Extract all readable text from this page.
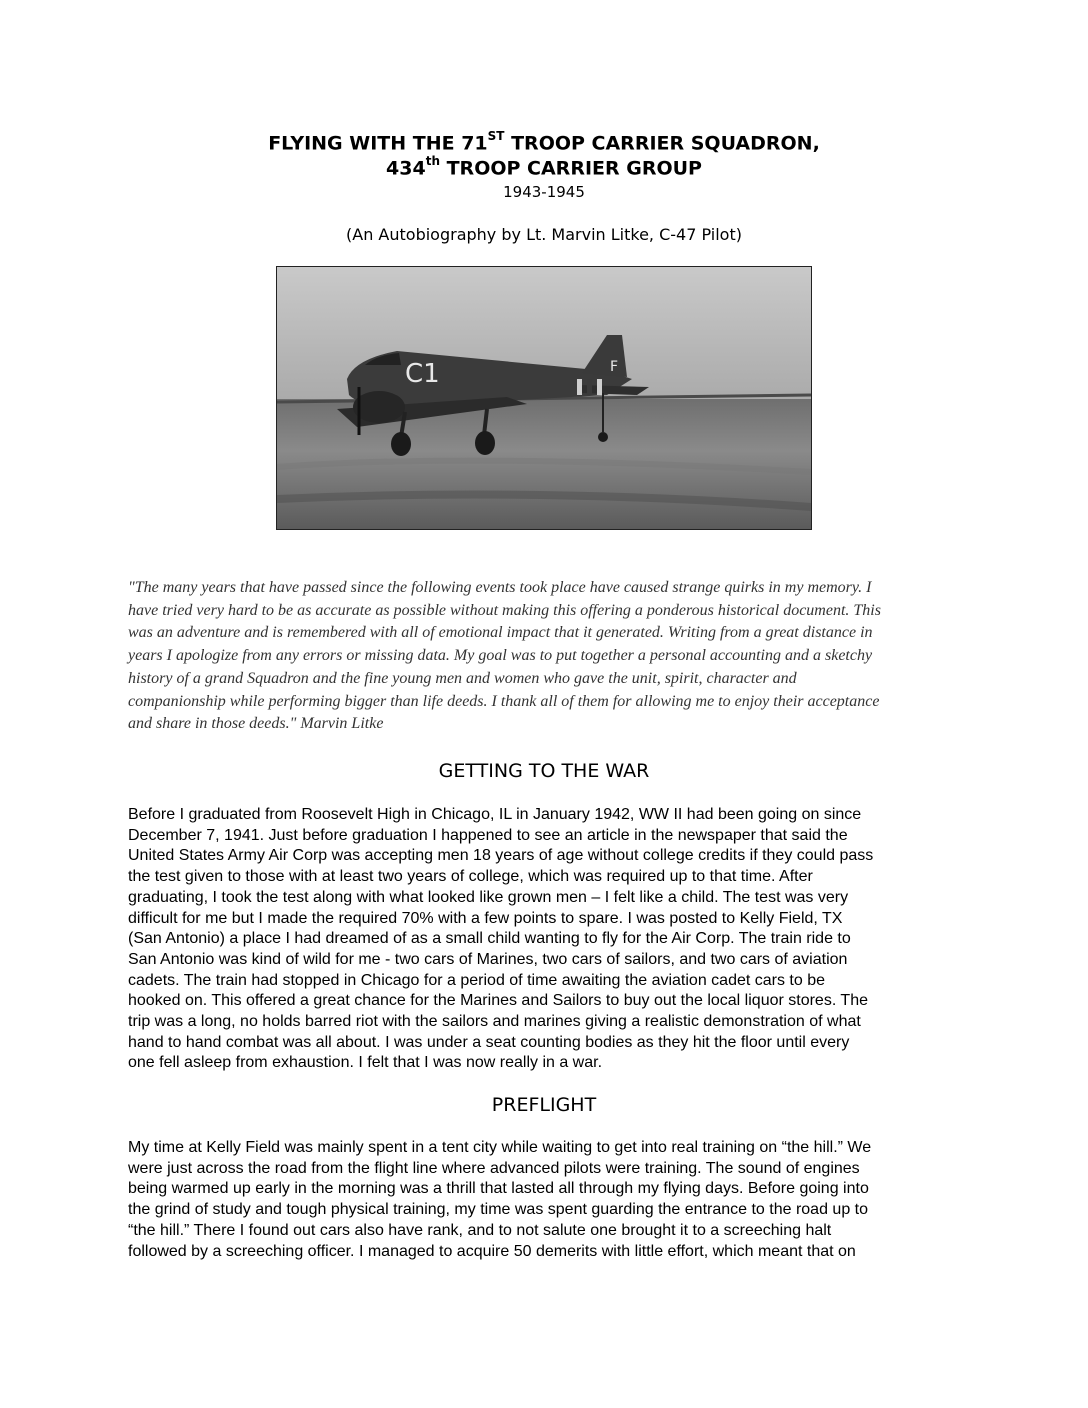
FLYING WITH THE 71ST TROOP CARRIER SQUADRON,
434th TROOP CARRIER GROUP
1943-1945
(An Autobiography by Lt. Marvin Litke, C-47 Pilot)
C1	F
"The many years that have passed since the following events took place have caused strange quirks in my memory. I
have tried very hard to be as accurate as possible without making this offering a ponderous historical document. This
was an adventure and is remembered with all of emotional impact that it generated. Writing from a great distance in
years I apologize from any errors or missing data. My goal was to put together a personal accounting and a sketchy
history of a grand Squadron and the fine young men and women who gave the unit, spirit, character and
companionship while performing bigger than life deeds. I thank all of them for allowing me to enjoy their acceptance
and share in those deeds." Marvin Litke
GETTING TO THE WAR
Before I graduated from Roosevelt High in Chicago, IL in January 1942, WW II had been going on since
December 7, 1941. Just before graduation I happened to see an article in the newspaper that said the
United States Army Air Corp was accepting men 18 years of age without college credits if they could pass
the test given to those with at least two years of college, which was required up to that time. After
graduating, I took the test along with what looked like grown men – I felt like a child. The test was very
difficult for me but I made the required 70% with a few points to spare. I was posted to Kelly Field, TX
(San Antonio) a place I had dreamed of as a small child wanting to fly for the Air Corp. The train ride to
San Antonio was kind of wild for me - two cars of Marines, two cars of sailors, and two cars of aviation
cadets. The train had stopped in Chicago for a period of time awaiting the aviation cadet cars to be
hooked on. This offered a great chance for the Marines and Sailors to buy out the local liquor stores. The
trip was a long, no holds barred riot with the sailors and marines giving a realistic demonstration of what
hand to hand combat was all about. I was under a seat counting bodies as they hit the floor until every
one fell asleep from exhaustion. I felt that I was now really in a war.
PREFLIGHT
My time at Kelly Field was mainly spent in a tent city while waiting to get into real training on “the hill.” We
were just across the road from the flight line where advanced pilots were training. The sound of engines
being warmed up early in the morning was a thrill that lasted all through my flying days. Before going into
the grind of study and tough physical training, my time was spent guarding the entrance to the road up to
“the hill.” There I found out cars also have rank, and to not salute one brought it to a screeching halt
followed by a screeching officer. I managed to acquire 50 demerits with little effort, which meant that on
